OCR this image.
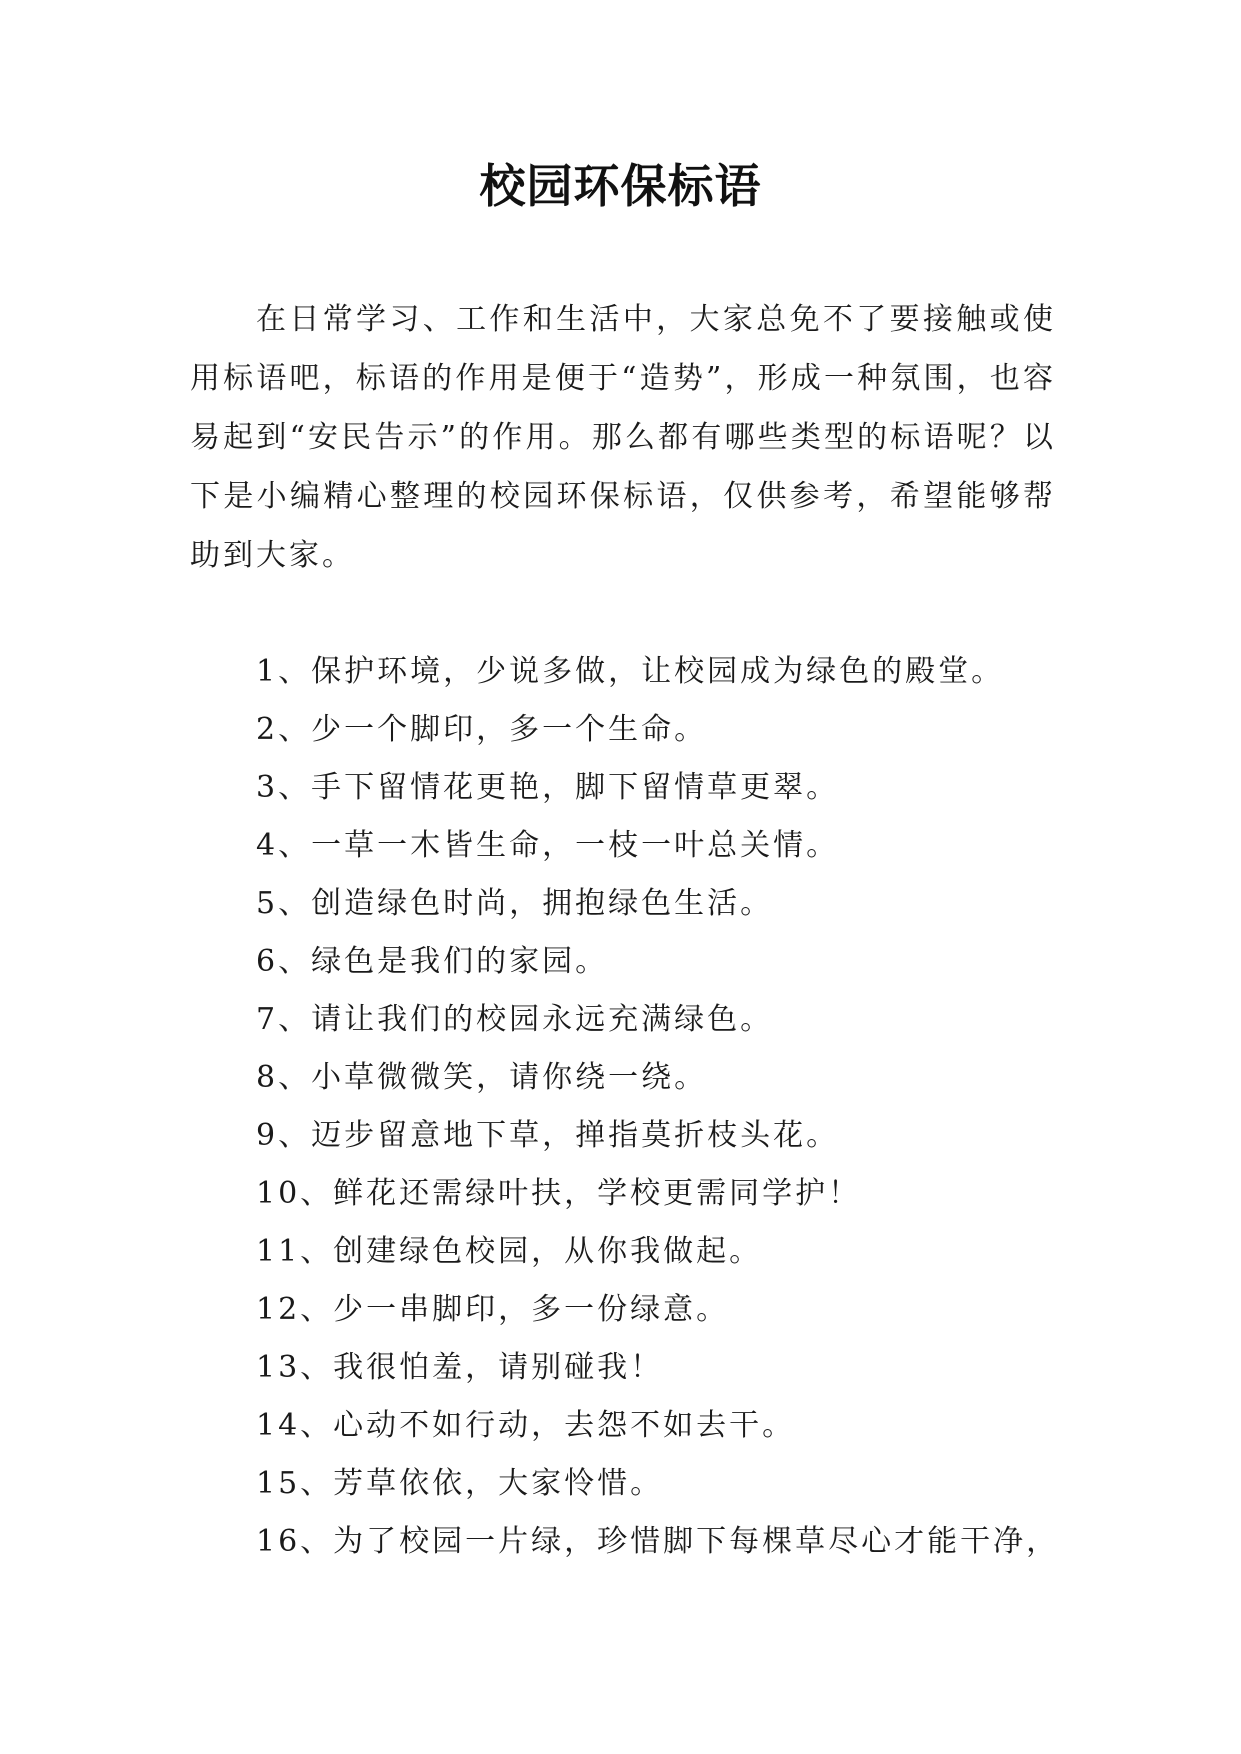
校园环保标语

在日常学习、工作和生活中，大家总免不了要接触或使用标语吧，标语的作用是便于“造势”，形成一种氛围，也容易起到“安民告示”的作用。那么都有哪些类型的标语呢？以下是小编精心整理的校园环保标语，仅供参考，希望能够帮助到大家。

1、保护环境，少说多做，让校园成为绿色的殿堂。
2、少一个脚印，多一个生命。
3、手下留情花更艳，脚下留情草更翠。
4、一草一木皆生命，一枝一叶总关情。
5、创造绿色时尚，拥抱绿色生活。
6、绿色是我们的家园。
7、请让我们的校园永远充满绿色。
8、小草微微笑，请你绕一绕。
9、迈步留意地下草，掸指莫折枝头花。
10、鲜花还需绿叶扶，学校更需同学护！
11、创建绿色校园，从你我做起。
12、少一串脚印，多一份绿意。
13、我很怕羞，请别碰我！
14、心动不如行动，去怨不如去干。
15、芳草依依，大家怜惜。
16、为了校园一片绿，珍惜脚下每棵草尽心才能干净，
